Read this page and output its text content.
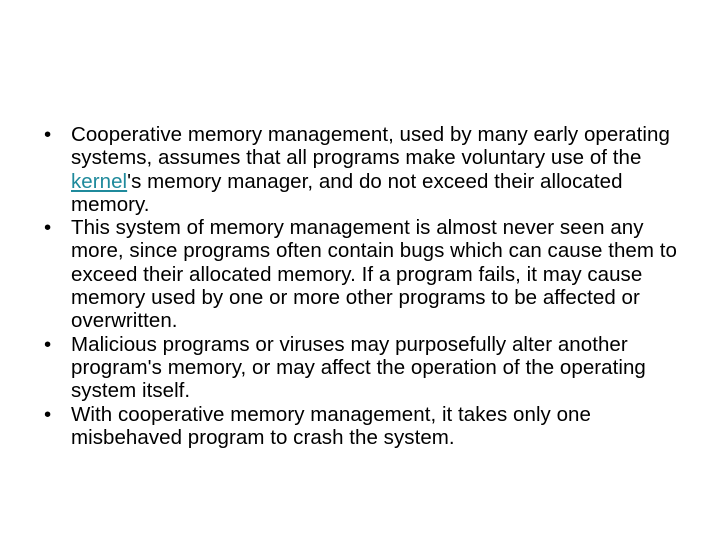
• Cooperative memory management, used by many early operating systems, assumes that all programs make voluntary use of the kernel's memory manager, and do not exceed their allocated memory.
• This system of memory management is almost never seen any more, since programs often contain bugs which can cause them to exceed their allocated memory. If a program fails, it may cause memory used by one or more other programs to be affected or overwritten.
• Malicious programs or viruses may purposefully alter another program's memory, or may affect the operation of the operating system itself.
• With cooperative memory management, it takes only one misbehaved program to crash the system.
